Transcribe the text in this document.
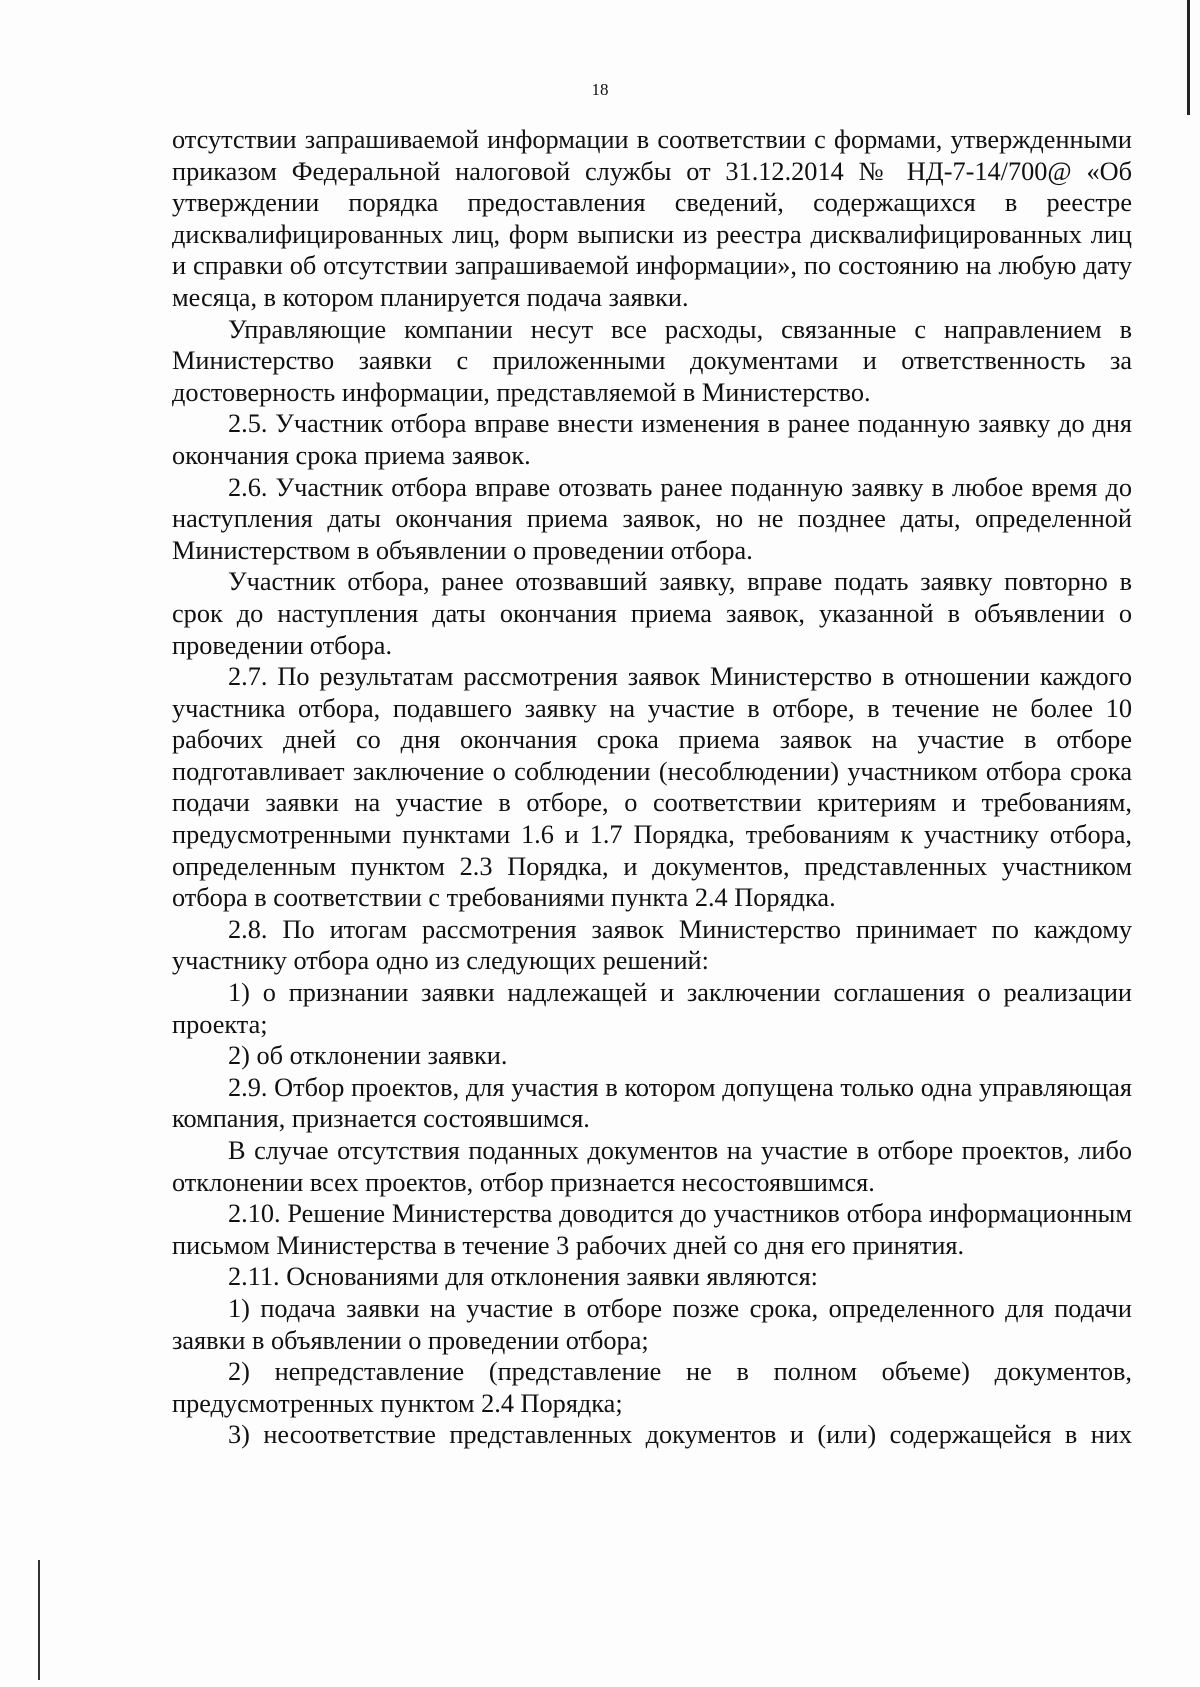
18

отсутствии запрашиваемой информации в соответствии с формами, утвержденными приказом Федеральной налоговой службы от 31.12.2014 № НД-7-14/700@ «Об утверждении порядка предоставления сведений, содержащихся в реестре дисквалифицированных лиц, форм выписки из реестра дисквалифицированных лиц и справки об отсутствии запрашиваемой информации», по состоянию на любую дату месяца, в котором планируется подача заявки.

Управляющие компании несут все расходы, связанные с направлением в Министерство заявки с приложенными документами и ответственность за достоверность информации, представляемой в Министерство.

2.5. Участник отбора вправе внести изменения в ранее поданную заявку до дня окончания срока приема заявок.

2.6. Участник отбора вправе отозвать ранее поданную заявку в любое время до наступления даты окончания приема заявок, но не позднее даты, определенной Министерством в объявлении о проведении отбора.

Участник отбора, ранее отозвавший заявку, вправе подать заявку повторно в срок до наступления даты окончания приема заявок, указанной в объявлении о проведении отбора.

2.7. По результатам рассмотрения заявок Министерство в отношении каждого участника отбора, подавшего заявку на участие в отборе, в течение не более 10 рабочих дней со дня окончания срока приема заявок на участие в отборе подготавливает заключение о соблюдении (несоблюдении) участником отбора срока подачи заявки на участие в отборе, о соответствии критериям и требованиям, предусмотренными пунктами 1.6 и 1.7 Порядка, требованиям к участнику отбора, определенным пунктом 2.3 Порядка, и документов, представленных участником отбора в соответствии с требованиями пункта 2.4 Порядка.

2.8. По итогам рассмотрения заявок Министерство принимает по каждому участнику отбора одно из следующих решений:

1) о признании заявки надлежащей и заключении соглашения о реализации проекта;

2) об отклонении заявки.

2.9. Отбор проектов, для участия в котором допущена только одна управляющая компания, признается состоявшимся.

В случае отсутствия поданных документов на участие в отборе проектов, либо отклонении всех проектов, отбор признается несостоявшимся.

2.10. Решение Министерства доводится до участников отбора информационным письмом Министерства в течение 3 рабочих дней со дня его принятия.

2.11. Основаниями для отклонения заявки являются:

1) подача заявки на участие в отборе позже срока, определенного для подачи заявки в объявлении о проведении отбора;

2) непредставление (представление не в полном объеме) документов, предусмотренных пунктом 2.4 Порядка;

3) несоответствие представленных документов и (или) содержащейся в них
